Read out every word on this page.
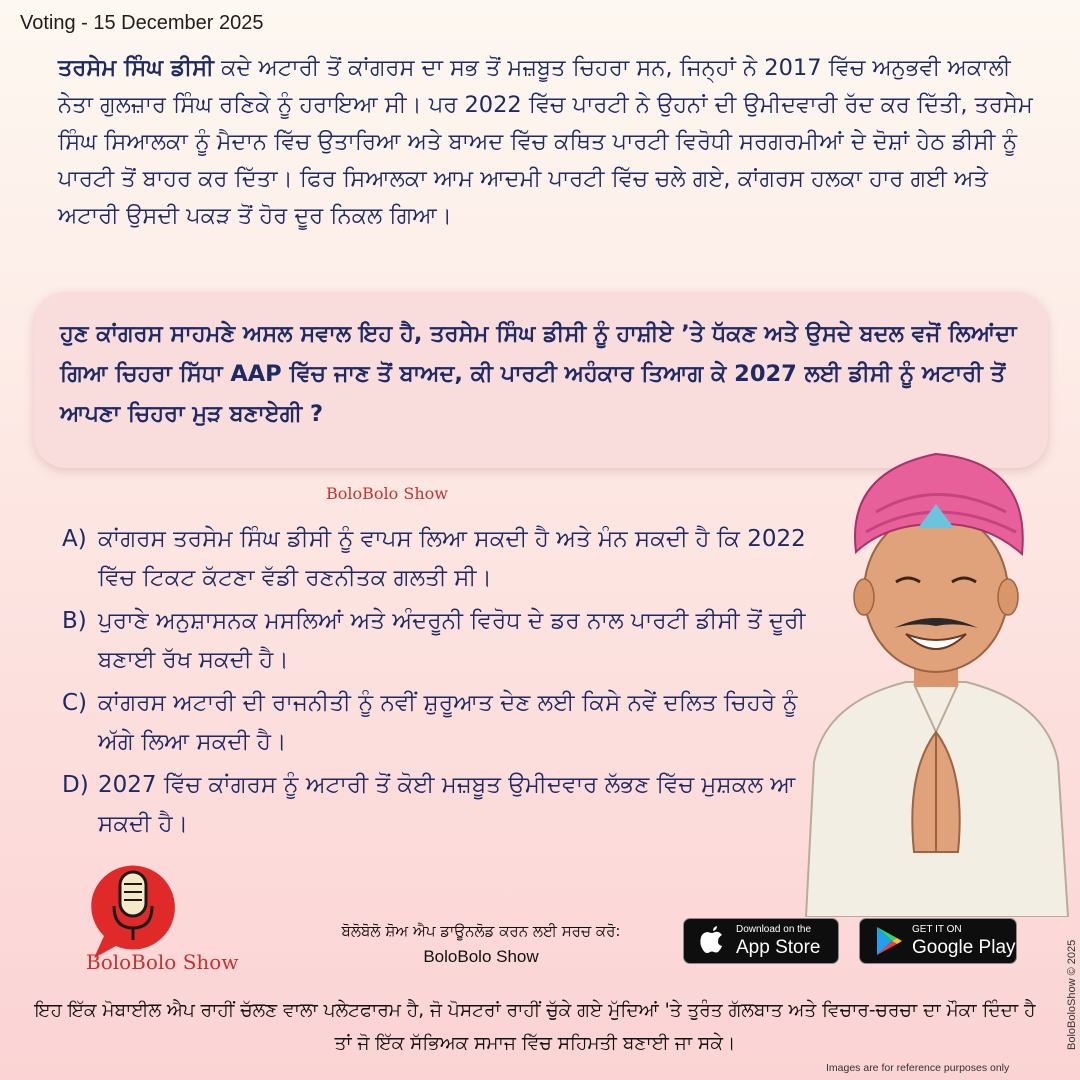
Voting - 15 December 2025
ਤਰਸੇਮ ਸਿੰਘ ਡੀਸੀ ਕਦੇ ਅਟਾਰੀ ਤੋਂ ਕਾਂਗਰਸ ਦਾ ਸਭ ਤੋਂ ਮਜ਼ਬੂਤ ਚਿਹਰਾ ਸਨ, ਜਿਨ੍ਹਾਂ ਨੇ 2017 ਵਿੱਚ ਅਨੁਭਵੀ ਅਕਾਲੀ ਨੇਤਾ ਗੁਲਜ਼ਾਰ ਸਿੰਘ ਰਣਿਕੇ ਨੂੰ ਹਰਾਇਆ ਸੀ। ਪਰ 2022 ਵਿੱਚ ਪਾਰਟੀ ਨੇ ਉਹਨਾਂ ਦੀ ਉਮੀਦਵਾਰੀ ਰੱਦ ਕਰ ਦਿੱਤੀ, ਤਰਸੇਮ ਸਿੰਘ ਸਿਆਲਕਾ ਨੂੰ ਮੈਦਾਨ ਵਿੱਚ ਉਤਾਰਿਆ ਅਤੇ ਬਾਅਦ ਵਿੱਚ ਕਥਿਤ ਪਾਰਟੀ ਵਿਰੋਧੀ ਸਰਗਰਮੀਆਂ ਦੇ ਦੋਸ਼ਾਂ ਹੇਠ ਡੀਸੀ ਨੂੰ ਪਾਰਟੀ ਤੋਂ ਬਾਹਰ ਕਰ ਦਿੱਤਾ। ਫਿਰ ਸਿਆਲਕਾ ਆਮ ਆਦਮੀ ਪਾਰਟੀ ਵਿੱਚ ਚਲੇ ਗਏ, ਕਾਂਗਰਸ ਹਲਕਾ ਹਾਰ ਗਈ ਅਤੇ ਅਟਾਰੀ ਉਸਦੀ ਪਕੜ ਤੋਂ ਹੋਰ ਦੂਰ ਨਿਕਲ ਗਿਆ।
ਹੁਣ ਕਾਂਗਰਸ ਸਾਹਮਣੇ ਅਸਲ ਸਵਾਲ ਇਹ ਹੈ, ਤਰਸੇਮ ਸਿੰਘ ਡੀਸੀ ਨੂੰ ਹਾਸ਼ੀਏ ’ਤੇ ਧੱਕਣ ਅਤੇ ਉਸਦੇ ਬਦਲ ਵਜੋਂ ਲਿਆਂਦਾ ਗਿਆ ਚਿਹਰਾ ਸਿੱਧਾ AAP ਵਿੱਚ ਜਾਣ ਤੋਂ ਬਾਅਦ, ਕੀ ਪਾਰਟੀ ਅਹੰਕਾਰ ਤਿਆਗ ਕੇ 2027 ਲਈ ਡੀਸੀ ਨੂੰ ਅਟਾਰੀ ਤੋਂ ਆਪਣਾ ਚਿਹਰਾ ਮੁੜ ਬਣਾਏਗੀ ?
BoloBolo Show
A) ਕਾਂਗਰਸ ਤਰਸੇਮ ਸਿੰਘ ਡੀਸੀ ਨੂੰ ਵਾਪਸ ਲਿਆ ਸਕਦੀ ਹੈ ਅਤੇ ਮੰਨ ਸਕਦੀ ਹੈ ਕਿ 2022 ਵਿੱਚ ਟਿਕਟ ਕੱਟਣਾ ਵੱਡੀ ਰਣਨੀਤਕ ਗਲਤੀ ਸੀ।
B) ਪੁਰਾਣੇ ਅਨੁਸ਼ਾਸਨਕ ਮਸਲਿਆਂ ਅਤੇ ਅੰਦਰੂਨੀ ਵਿਰੋਧ ਦੇ ਡਰ ਨਾਲ ਪਾਰਟੀ ਡੀਸੀ ਤੋਂ ਦੂਰੀ ਬਣਾਈ ਰੱਖ ਸਕਦੀ ਹੈ।
C) ਕਾਂਗਰਸ ਅਟਾਰੀ ਦੀ ਰਾਜਨੀਤੀ ਨੂੰ ਨਵੀਂ ਸ਼ੁਰੂਆਤ ਦੇਣ ਲਈ ਕਿਸੇ ਨਵੇਂ ਦਲਿਤ ਚਿਹਰੇ ਨੂੰ ਅੱਗੇ ਲਿਆ ਸਕਦੀ ਹੈ।
D) 2027 ਵਿੱਚ ਕਾਂਗਰਸ ਨੂੰ ਅਟਾਰੀ ਤੋਂ ਕੋਈ ਮਜ਼ਬੂਤ ਉਮੀਦਵਾਰ ਲੱਭਣ ਵਿੱਚ ਮੁਸ਼ਕਲ ਆ ਸਕਦੀ ਹੈ।
BoloBolo Show
ਬੋਲੋਬੋਲੋ ਸ਼ੋਅ ਐਪ ਡਾਊਨਲੋਡ ਕਰਨ ਲਈ ਸਰਚ ਕਰੋ:
BoloBolo Show
Download on the
App Store
GET IT ON
Google Play
ਇਹ ਇੱਕ ਮੋਬਾਈਲ ਐਪ ਰਾਹੀਂ ਚੱਲਣ ਵਾਲਾ ਪਲੇਟਫਾਰਮ ਹੈ, ਜੋ ਪੋਸਟਰਾਂ ਰਾਹੀਂ ਚੁੱਕੇ ਗਏ ਮੁੱਦਿਆਂ 'ਤੇ ਤੁਰੰਤ ਗੱਲਬਾਤ ਅਤੇ ਵਿਚਾਰ-ਚਰਚਾ ਦਾ ਮੌਕਾ ਦਿੰਦਾ ਹੈ ਤਾਂ ਜੋ ਇੱਕ ਸੱਭਿਅਕ ਸਮਾਜ ਵਿੱਚ ਸਹਿਮਤੀ ਬਣਾਈ ਜਾ ਸਕੇ।
Images are for reference purposes only
BoloBoloShow © 2025
